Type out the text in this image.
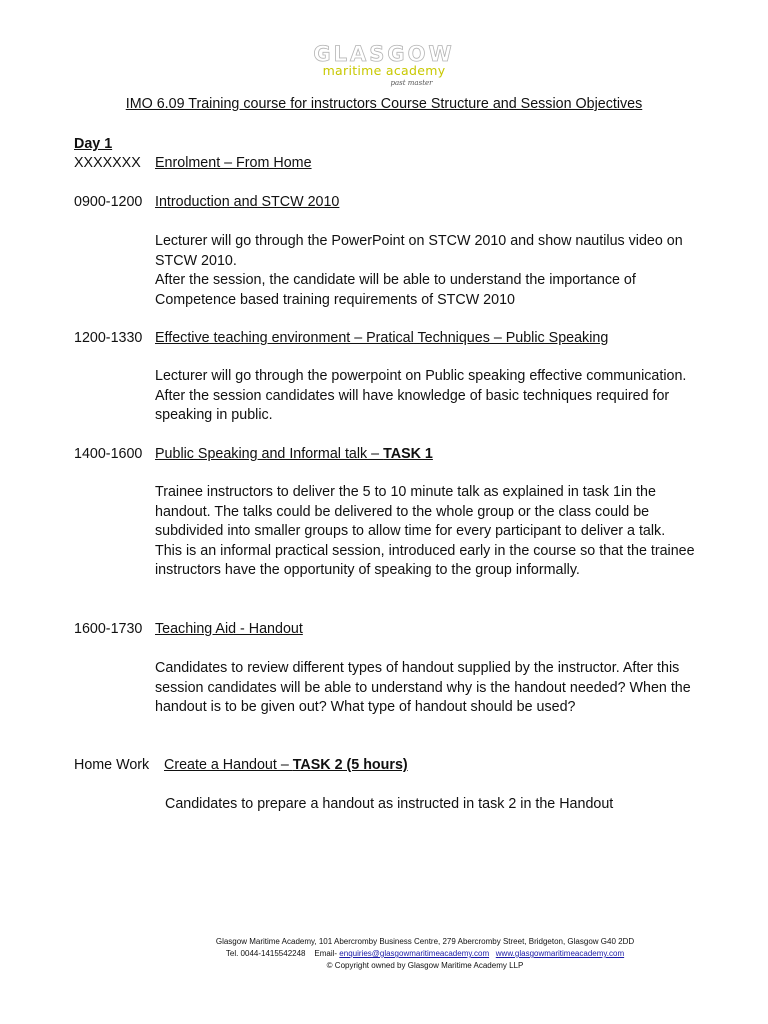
GLASGOW
maritime academy
past master
IMO 6.09 Training course for instructors Course Structure and Session Objectives
Day 1
XXXXXXX Enrolment – From Home
0900-1200 Introduction and STCW 2010

Lecturer will go through the PowerPoint on STCW 2010 and show nautilus video on STCW 2010.

After the session, the candidate will be able to understand the importance of Competence based training requirements of STCW 2010

1200-1330 Effective teaching environment – Pratical Techniques – Public Speaking

Lecturer will go through the powerpoint on Public speaking effective communication. After the session candidates will have knowledge of basic techniques required for speaking in public.

1400-1600 Public Speaking and Informal talk – TASK 1

Trainee instructors to deliver the 5 to 10 minute talk as explained in task 1in the handout. The talks could be delivered to the whole group or the class could be subdivided into smaller groups to allow time for every participant to deliver a talk. This is an informal practical session, introduced early in the course so that the trainee instructors have the opportunity of speaking to the group informally.

1600-1730 Teaching Aid - Handout

Candidates to review different types of handout supplied by the instructor. After this session candidates will be able to understand why is the handout needed? When the handout is to be given out? What type of handout should be used?

Home Work Create a Handout – TASK 2 (5 hours)

Candidates to prepare a handout as instructed in task 2 in the Handout

Glasgow Maritime Academy, 101 Abercromby Business Centre, 279 Abercromby Street, Bridgeton, Glasgow G40 2DD
Tel. 0044-1415542248 Email- enquiries@glasgowmaritimeacademy.com www.glasgowmaritimeacademy.com
© Copyright owned by Glasgow Maritime Academy LLP
